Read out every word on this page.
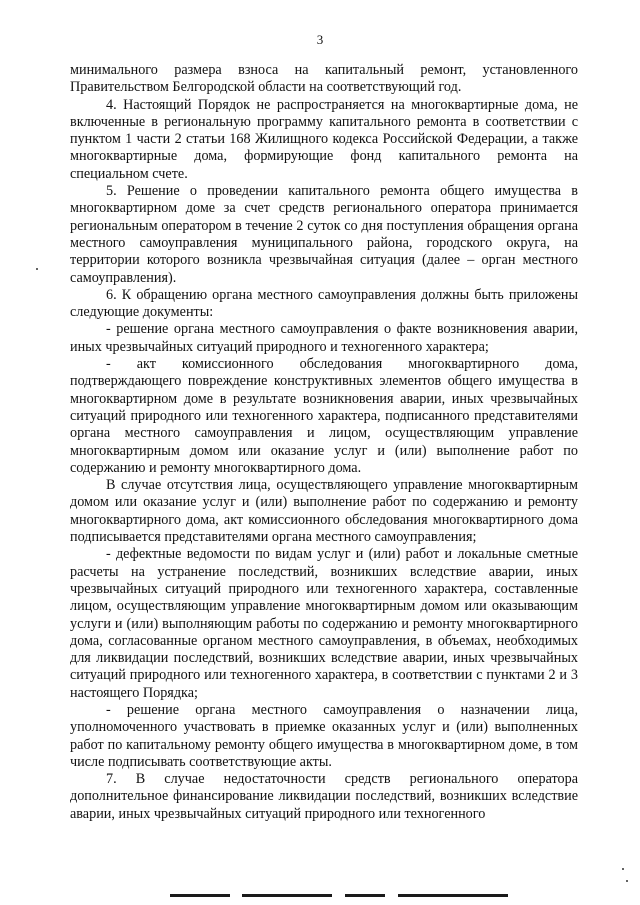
3

минимального размера взноса на капитальный ремонт, установленного Правительством Белгородской области на соответствующий год.

4. Настоящий Порядок не распространяется на многоквартирные дома, не включенные в региональную программу капитального ремонта в соответствии с пунктом 1 части 2 статьи 168 Жилищного кодекса Российской Федерации, а также многоквартирные дома, формирующие фонд капитального ремонта на специальном счете.

5. Решение о проведении капитального ремонта общего имущества в многоквартирном доме за счет средств регионального оператора принимается региональным оператором в течение 2 суток со дня поступления обращения органа местного самоуправления муниципального района, городского округа, на территории которого возникла чрезвычайная ситуация (далее – орган местного самоуправления).

6. К обращению органа местного самоуправления должны быть приложены следующие документы:

- решение органа местного самоуправления о факте возникновения аварии, иных чрезвычайных ситуаций природного и техногенного характера;

- акт комиссионного обследования многоквартирного дома, подтверждающего повреждение конструктивных элементов общего имущества в многоквартирном доме в результате возникновения аварии, иных чрезвычайных ситуаций природного или техногенного характера, подписанного представителями органа местного самоуправления и лицом, осуществляющим управление многоквартирным домом или оказание услуг и (или) выполнение работ по содержанию и ремонту многоквартирного дома.

В случае отсутствия лица, осуществляющего управление многоквартирным домом или оказание услуг и (или) выполнение работ по содержанию и ремонту многоквартирного дома, акт комиссионного обследования многоквартирного дома подписывается представителями органа местного самоуправления;

- дефектные ведомости по видам услуг и (или) работ и локальные сметные расчеты на устранение последствий, возникших вследствие аварии, иных чрезвычайных ситуаций природного или техногенного характера, составленные лицом, осуществляющим управление многоквартирным домом или оказывающим услуги и (или) выполняющим работы по содержанию и ремонту многоквартирного дома, согласованные органом местного самоуправления, в объемах, необходимых для ликвидации последствий, возникших вследствие аварии, иных чрезвычайных ситуаций природного или техногенного характера, в соответствии с пунктами 2 и 3 настоящего Порядка;

- решение органа местного самоуправления о назначении лица, уполномоченного участвовать в приемке оказанных услуг и (или) выполненных работ по капитальному ремонту общего имущества в многоквартирном доме, в том числе подписывать соответствующие акты.

7. В случае недостаточности средств регионального оператора дополнительное финансирование ликвидации последствий, возникших вследствие аварии, иных чрезвычайных ситуаций природного или техногенного
